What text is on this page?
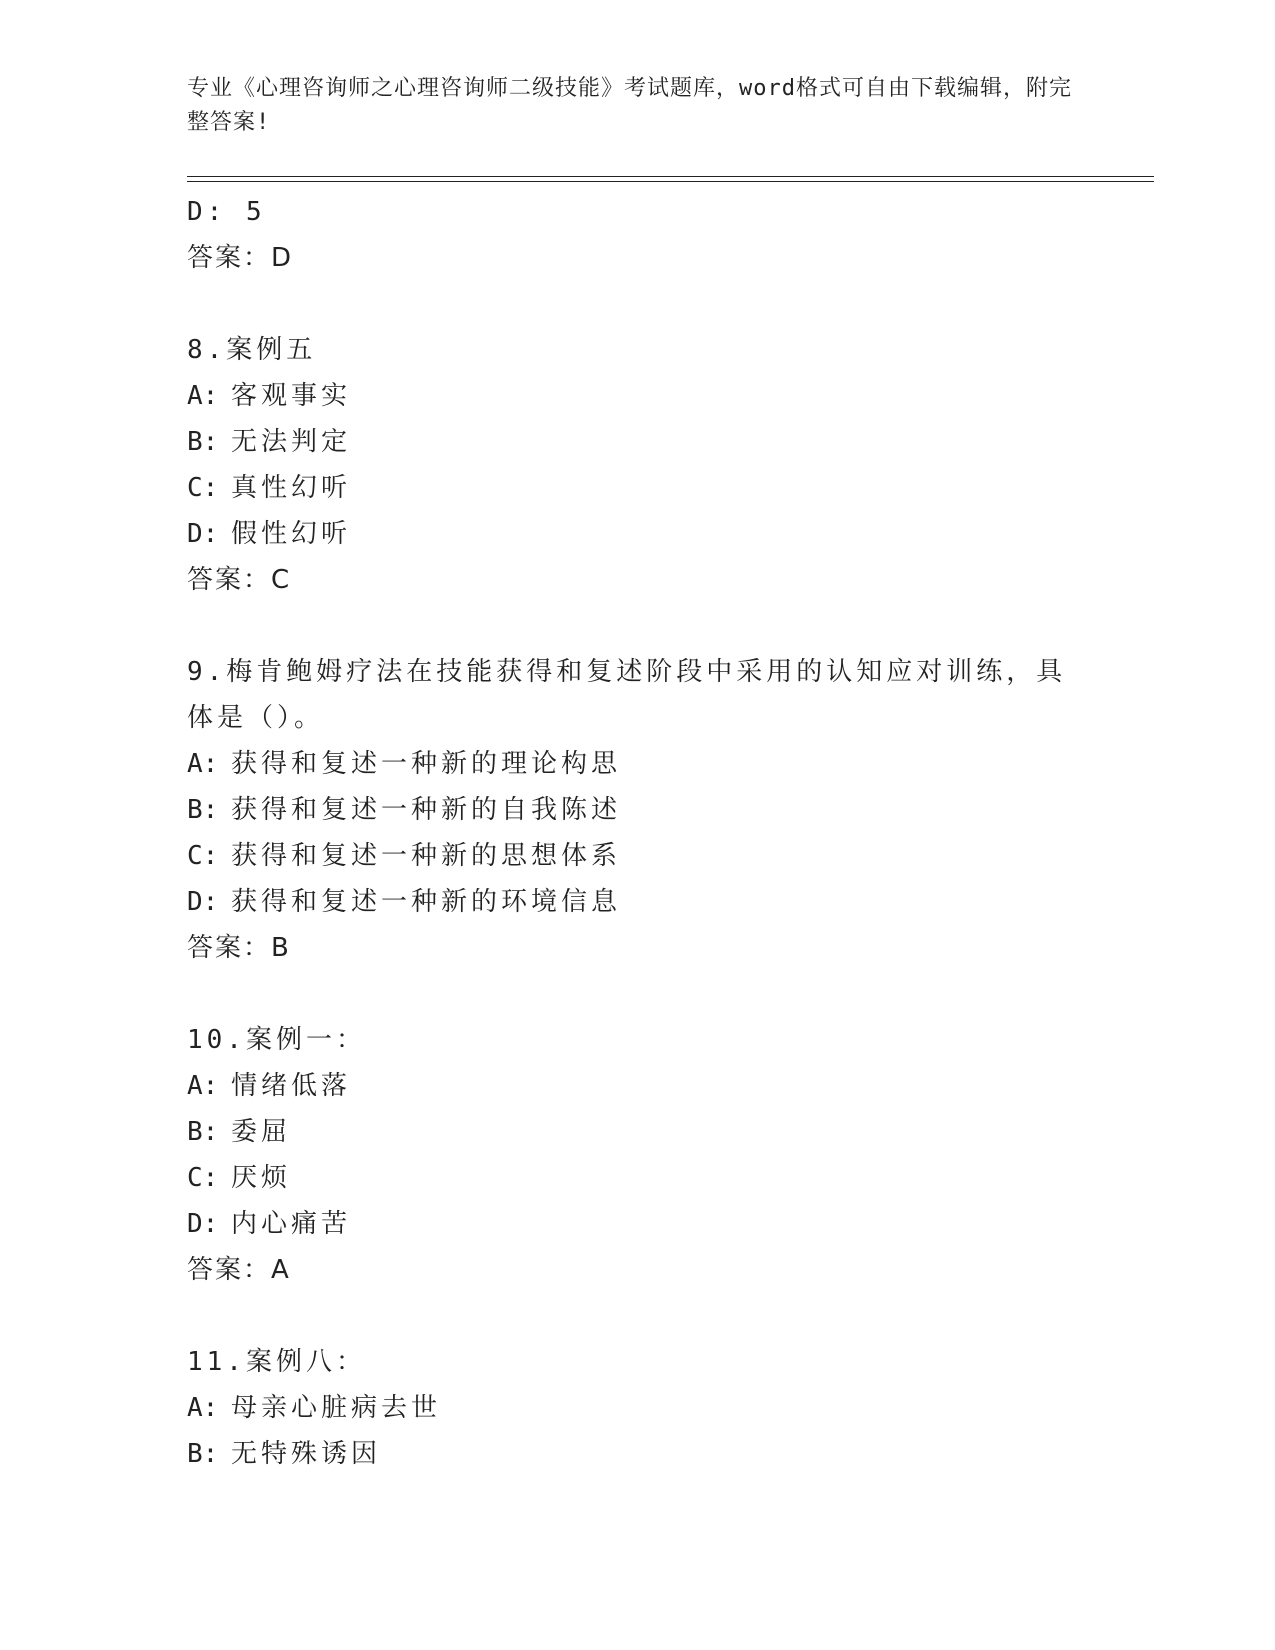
专业《心理咨询师之心理咨询师二级技能》考试题库，word格式可自由下载编辑，附完整答案!
D: 5
答案：D
8.案例五
A: 客观事实
B: 无法判定
C: 真性幻听
D: 假性幻听
答案：C
9.梅肯鲍姆疗法在技能获得和复述阶段中采用的认知应对训练，具体是（）。
A: 获得和复述一种新的理论构思
B: 获得和复述一种新的自我陈述
C: 获得和复述一种新的思想体系
D: 获得和复述一种新的环境信息
答案：B
10.案例一：
A: 情绪低落
B: 委屈
C: 厌烦
D: 内心痛苦
答案：A
11.案例八：
A: 母亲心脏病去世
B: 无特殊诱因
